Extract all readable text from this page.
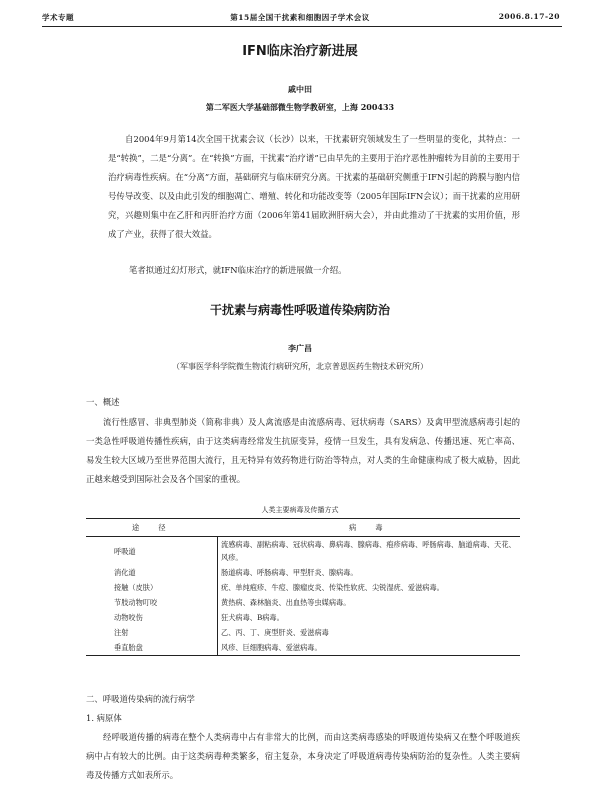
学术专题	第15届全国干扰素和细胞因子学术会议	2006.8.17-20
IFN临床治疗新进展
戚中田
第二军医大学基础部微生物学教研室，上海 200433
自2004年9月第14次全国干扰素会议（长沙）以来，干扰素研究领域发生了一些明显的变化，其特点：一是“转换”，二是“分离”。在“转换”方面，干扰素“治疗谱”已由早先的主要用于治疗恶性肿瘤转为目前的主要用于治疗病毒性疾病。在“分离”方面，基础研究与临床研究分离。干扰素的基础研究侧重于IFN引起的跨膜与胞内信号传导改变、以及由此引发的细胞凋亡、增殖、转化和功能改变等（2005年国际IFN会议）；而干扰素的应用研究，兴趣则集中在乙肝和丙肝治疗方面（2006年第41届欧洲肝病大会），并由此推动了干扰素的实用价值，形成了产业，获得了很大效益。
笔者拟通过幻灯形式，就IFN临床治疗的新进展做一介绍。
干扰素与病毒性呼吸道传染病防治
李广昌
（军事医学科学院微生物流行病研究所，北京普恩医药生物技术研究所）
一、概述
流行性感冒、非典型肺炎（简称非典）及人禽流感是由流感病毒、冠状病毒（SARS）及禽甲型流感病毒引起的一类急性呼吸道传播性疾病，由于这类病毒经常发生抗原变异，疫情一旦发生，具有发病急、传播迅速、死亡率高、易发生较大区域乃至世界范围大流行，且无特异有效药物进行防治等特点，对人类的生命健康构成了极大威胁，因此正越来越受到国际社会及各个国家的重视。
人类主要病毒及传播方式
途　径	病　毒
呼吸道	流感病毒、副粘病毒、冠状病毒、鼻病毒、腺病毒、疱疹病毒、呼肠病毒、脑道病毒、天花、风疹。
消化道	肠道病毒、呼肠病毒、甲型肝炎、腺病毒。
接触（皮肤）	疣、单纯疱疹、牛痘、腺瘤皮炎、传染性软疣、尖锐湿疣、爱滋病毒。
节肢动物叮咬	黄热病、森林脑炎、出血热等虫媒病毒。
动物咬伤	狂犬病毒、B病毒。
注射	乙、丙、丁、庚型肝炎、爱滋病毒
垂直胎盘	风疹、巨细胞病毒、爱滋病毒。
二、呼吸道传染病的流行病学
1. 病原体
经呼吸道传播的病毒在整个人类病毒中占有非常大的比例，而由这类病毒感染的呼吸道传染病又在整个呼吸道疾病中占有较大的比例。由于这类病毒种类繁多，宿主复杂，本身决定了呼吸道病毒传染病防治的复杂性。人类主要病毒及传播方式如表所示。
